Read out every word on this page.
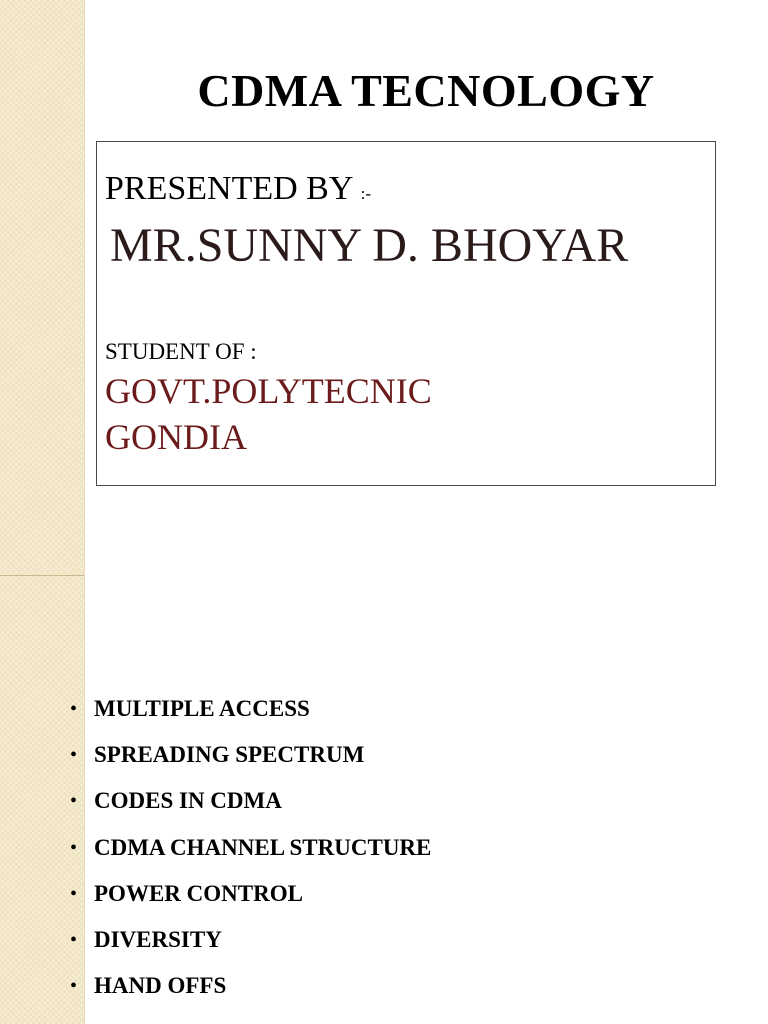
CDMA TECNOLOGY
PRESENTED BY :-
MR.SUNNY D. BHOYAR
STUDENT OF :
GOVT.POLYTECNIC
GONDIA
• MULTIPLE ACCESS
• SPREADING SPECTRUM
• CODES IN CDMA
• CDMA CHANNEL STRUCTURE
• POWER CONTROL
• DIVERSITY
• HAND OFFS
